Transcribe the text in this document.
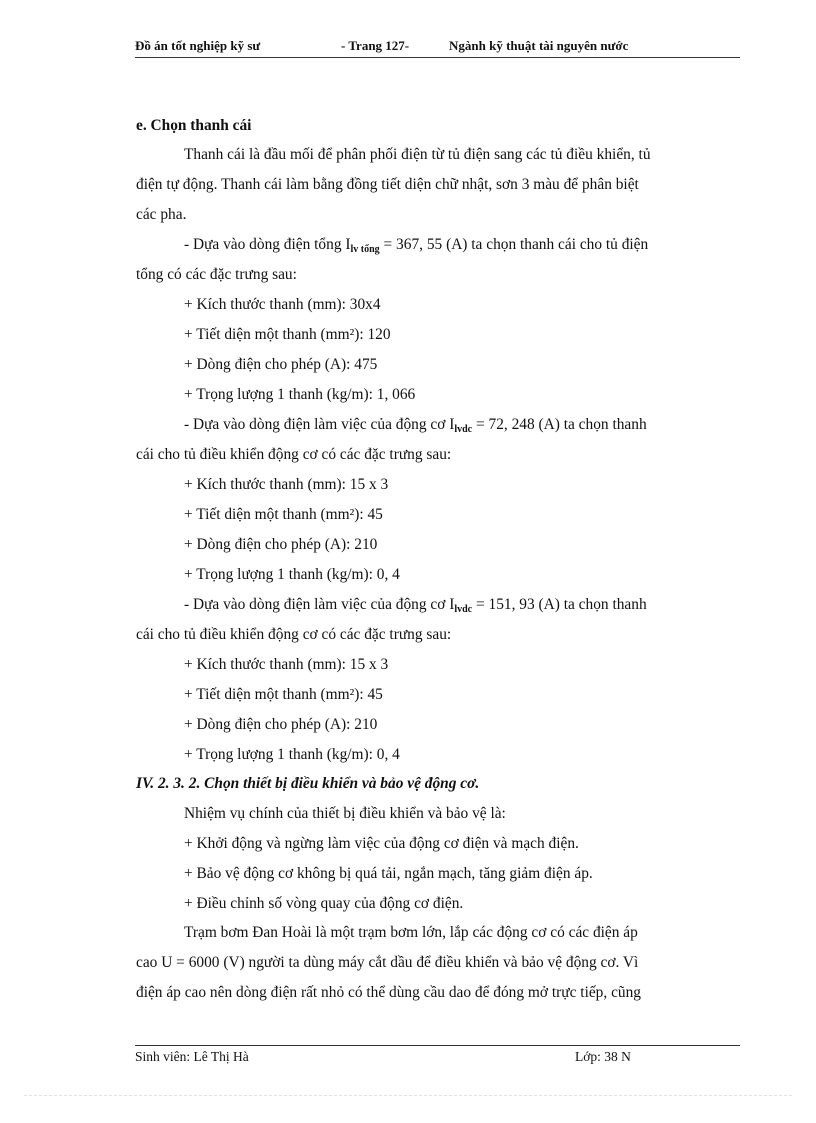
Đồ án tốt nghiệp kỹ sư	- Trang 127-	Ngành kỹ thuật tài nguyên nước
e. Chọn thanh cái
Thanh cái là đầu mối để phân phối điện từ tủ điện sang các tủ điều khiển, tủ
điện tự động. Thanh cái làm bằng đồng tiết diện chữ nhật, sơn 3 màu để phân biệt
các pha.
- Dựa vào dòng điện tổng $I_{lv tổng} = 367$, 55 (A) ta chọn thanh cái cho tủ điện
tổng có các đặc trưng sau:
+ Kích thước thanh (mm): 30x4
+ Tiết diện một thanh (mm²): 120
+ Dòng điện cho phép (A): 475
+ Trọng lượng 1 thanh (kg/m): 1, 066
- Dựa vào dòng điện làm việc của động cơ $I_{lvdc} = 72$, 248 (A) ta chọn thanh
cái cho tủ điều khiển động cơ có các đặc trưng sau:
+ Kích thước thanh (mm): 15 x 3
+ Tiết diện một thanh (mm²): 45
+ Dòng điện cho phép (A): 210
+ Trọng lượng 1 thanh (kg/m): 0, 4
- Dựa vào dòng điện làm việc của động cơ $I_{lvdc} = 151$, 93 (A) ta chọn thanh
cái cho tủ điều khiển động cơ có các đặc trưng sau:
+ Kích thước thanh (mm): 15 x 3
+ Tiết diện một thanh (mm²): 45
+ Dòng điện cho phép (A): 210
+ Trọng lượng 1 thanh (kg/m): 0, 4
IV. 2. 3. 2. Chọn thiết bị điều khiển và bảo vệ động cơ.
Nhiệm vụ chính của thiết bị điều khiển và bảo vệ là:
+ Khởi động và ngừng làm việc của động cơ điện và mạch điện.
+ Bảo vệ động cơ không bị quá tải, ngắn mạch, tăng giảm điện áp.
+ Điều chỉnh số vòng quay của động cơ điện.
Trạm bơm Đan Hoài là một trạm bơm lớn, lắp các động cơ có các điện áp
cao U = 6000 (V) người ta dùng máy cắt dầu để điều khiển và bảo vệ động cơ. Vì
điện áp cao nên dòng điện rất nhỏ có thể dùng cầu dao để đóng mở trực tiếp, cũng
Sinh viên: Lê Thị Hà	Lớp: 38 N
